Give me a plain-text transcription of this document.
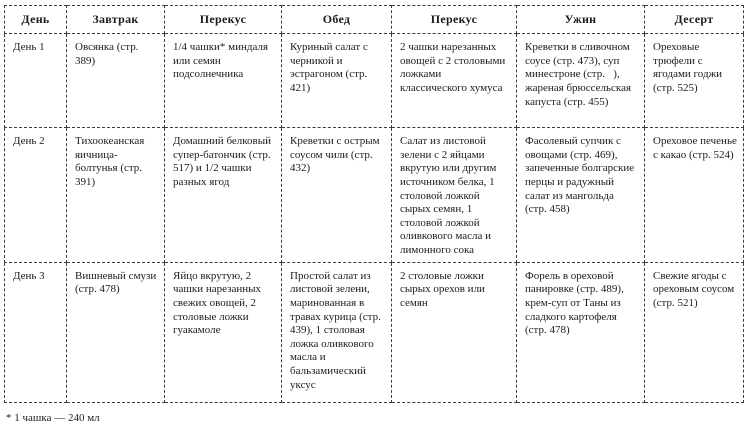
День	Завтрак	Перекус	Обед	Перекус	Ужин	Десерт
День 1	Овсянка (стр. 389)	1/4 чашки* миндаля или семян подсолнечника	Куриный салат с черникой и эстрагоном (стр. 421)	2 чашки нарезанных овощей с 2 столовыми ложками классического хумуса	Креветки в сливочном соусе (стр. 473), суп минестроне (стр.   ), жареная брюссельская капуста (стр. 455)	Ореховые трюфели с ягодами годжи (стр. 525)
День 2	Тихоокеанская яичница-болтунья (стр. 391)	Домашний белковый супер-батончик (стр. 517) и 1/2 чашки разных ягод	Креветки с острым соусом чили (стр. 432)	Салат из листовой зелени с 2 яйцами вкрутую или другим источником белка, 1 столовой ложкой сырых семян, 1 столовой ложкой оливкового масла и лимонного сока	Фасолевый супчик с овощами (стр. 469), запеченные болгарские перцы и радужный салат из мангольда (стр. 458)	Ореховое печенье с какао (стр. 524)
День 3	Вишневый смузи (стр. 478)	Яйцо вкрутую, 2 чашки нарезанных свежих овощей, 2 столовые ложки гуакамоле	Простой салат из листовой зелени, маринованная в травах курица (стр. 439), 1 столовая ложка оливкового масла и бальзамический уксус	2 столовые ложки сырых орехов или семян	Форель в ореховой панировке (стр. 489), крем-суп от Таны из сладкого картофеля (стр. 478)	Свежие ягоды с ореховым соусом (стр. 521)
* 1 чашка — 240 мл
